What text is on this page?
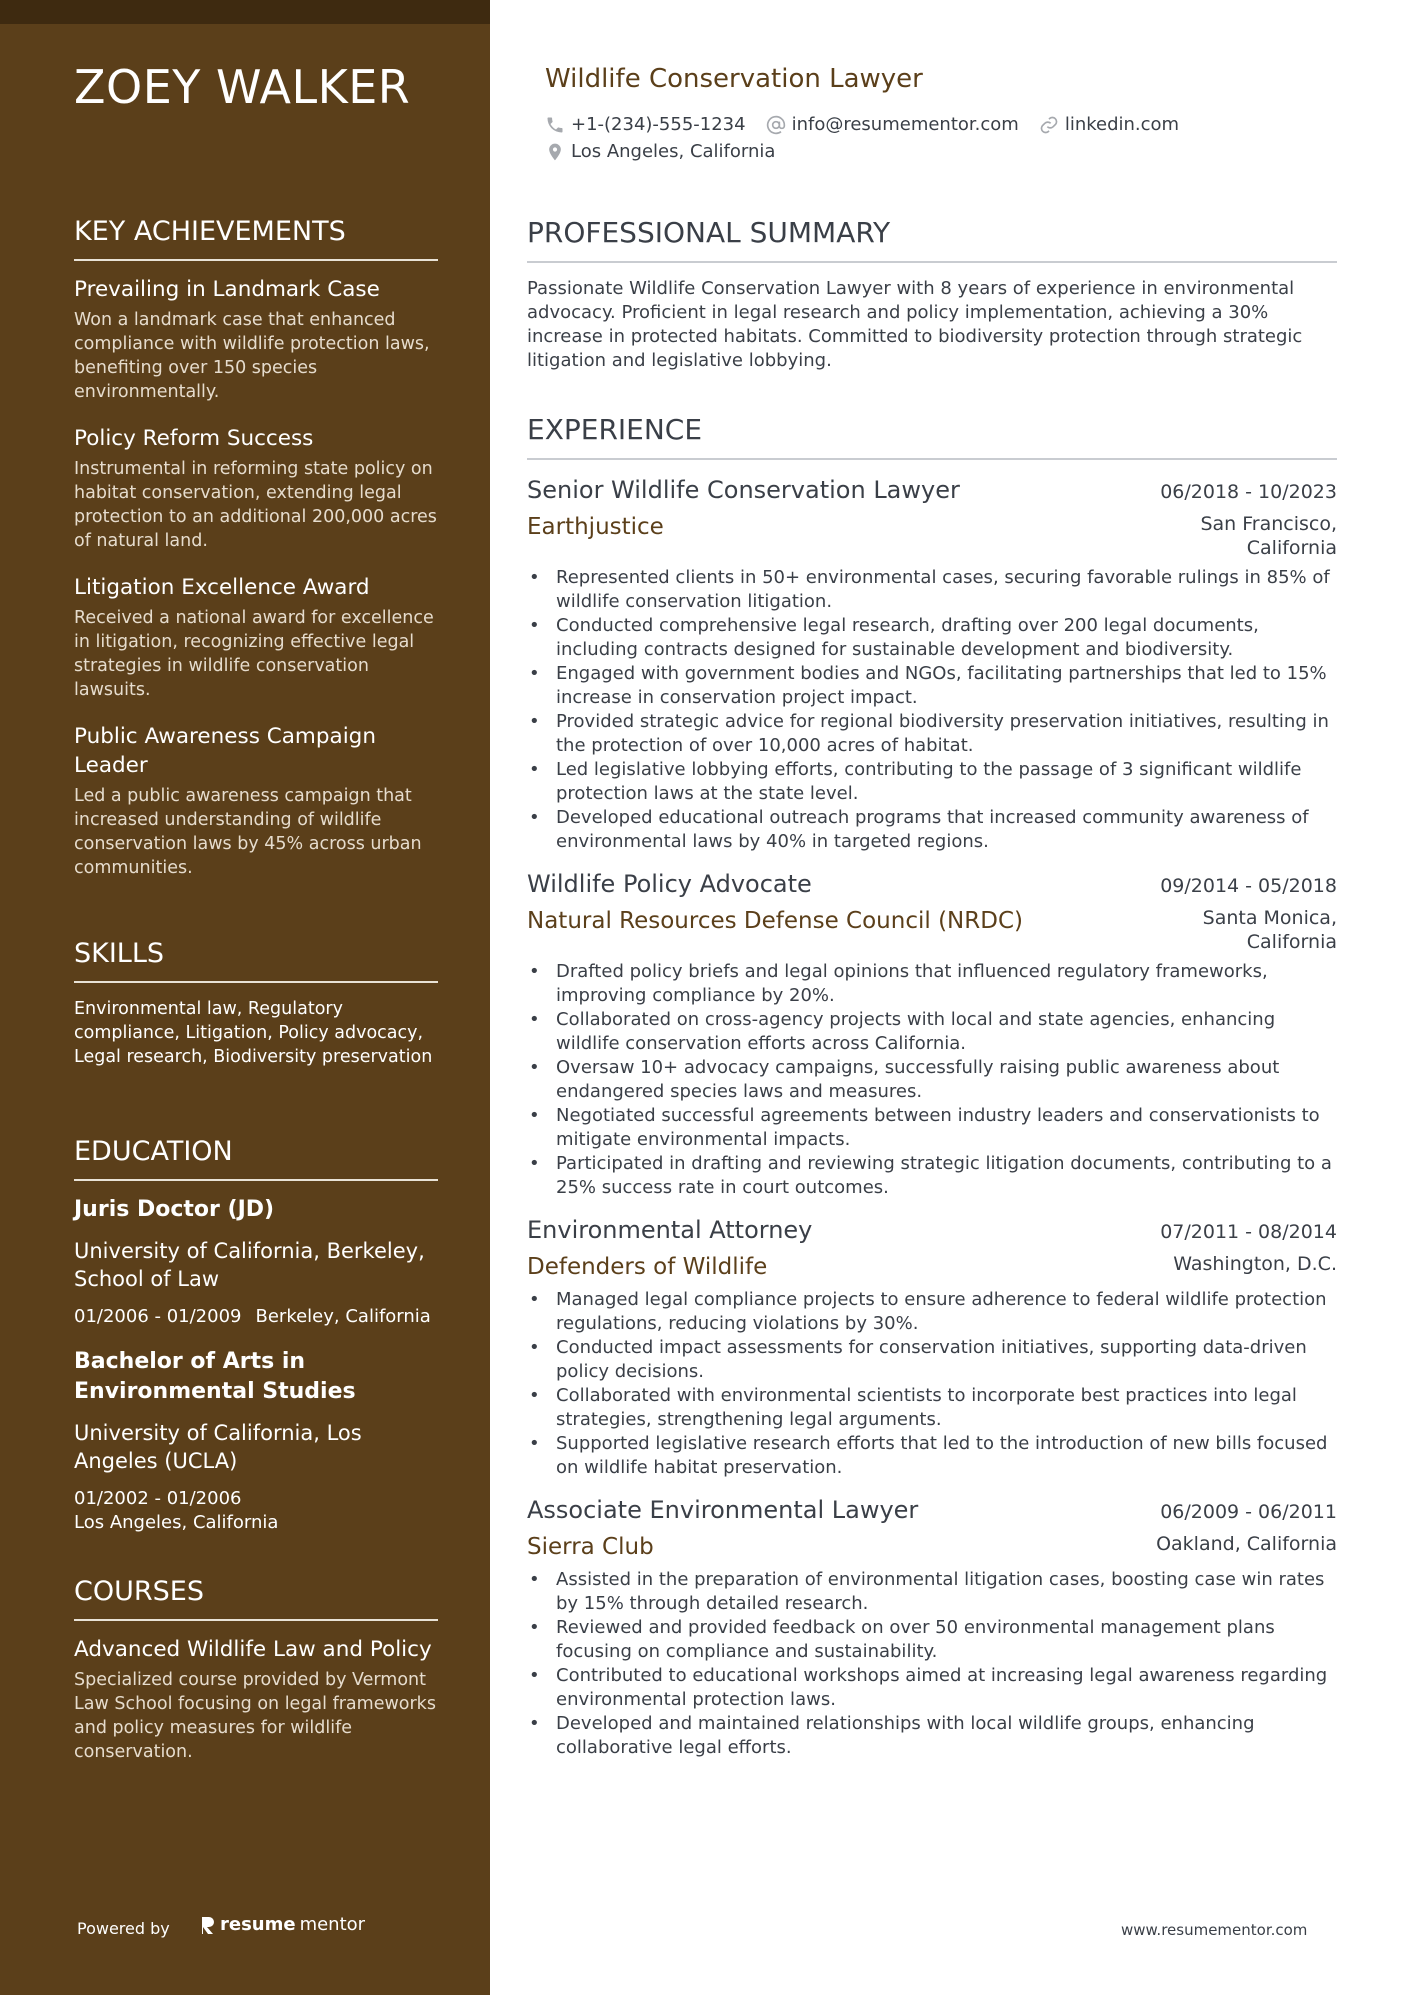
ZOEY WALKER
KEY ACHIEVEMENTS
Prevailing in Landmark Case
Won a landmark case that enhanced compliance with wildlife protection laws, benefiting over 150 species environmentally.
Policy Reform Success
Instrumental in reforming state policy on habitat conservation, extending legal protection to an additional 200,000 acres of natural land.
Litigation Excellence Award
Received a national award for excellence in litigation, recognizing effective legal strategies in wildlife conservation lawsuits.
Public Awareness Campaign Leader
Led a public awareness campaign that increased understanding of wildlife conservation laws by 45% across urban communities.
SKILLS
Environmental law, Regulatory compliance, Litigation, Policy advocacy, Legal research, Biodiversity preservation
EDUCATION
Juris Doctor (JD)
University of California, Berkeley, School of Law
01/2006 - 01/2009 Berkeley, California
Bachelor of Arts in Environmental Studies
University of California, Los Angeles (UCLA)
01/2002 - 01/2006
Los Angeles, California
COURSES
Advanced Wildlife Law and Policy
Specialized course provided by Vermont Law School focusing on legal frameworks and policy measures for wildlife conservation.
Powered by	resume mentor
Wildlife Conservation Lawyer
+1-(234)-555-1234	info@resumementor.com	linkedin.com
Los Angeles, California
PROFESSIONAL SUMMARY
Passionate Wildlife Conservation Lawyer with 8 years of experience in environmental advocacy. Proficient in legal research and policy implementation, achieving a 30% increase in protected habitats. Committed to biodiversity protection through strategic litigation and legislative lobbying.
EXPERIENCE
Senior Wildlife Conservation Lawyer	06/2018 - 10/2023
Earthjustice	San Francisco, California
• Represented clients in 50+ environmental cases, securing favorable rulings in 85% of wildlife conservation litigation.
• Conducted comprehensive legal research, drafting over 200 legal documents, including contracts designed for sustainable development and biodiversity.
• Engaged with government bodies and NGOs, facilitating partnerships that led to 15% increase in conservation project impact.
• Provided strategic advice for regional biodiversity preservation initiatives, resulting in the protection of over 10,000 acres of habitat.
• Led legislative lobbying efforts, contributing to the passage of 3 significant wildlife protection laws at the state level.
• Developed educational outreach programs that increased community awareness of environmental laws by 40% in targeted regions.
Wildlife Policy Advocate	09/2014 - 05/2018
Natural Resources Defense Council (NRDC)	Santa Monica, California
• Drafted policy briefs and legal opinions that influenced regulatory frameworks, improving compliance by 20%.
• Collaborated on cross-agency projects with local and state agencies, enhancing wildlife conservation efforts across California.
• Oversaw 10+ advocacy campaigns, successfully raising public awareness about endangered species laws and measures.
• Negotiated successful agreements between industry leaders and conservationists to mitigate environmental impacts.
• Participated in drafting and reviewing strategic litigation documents, contributing to a 25% success rate in court outcomes.
Environmental Attorney	07/2011 - 08/2014
Defenders of Wildlife	Washington, D.C.
• Managed legal compliance projects to ensure adherence to federal wildlife protection regulations, reducing violations by 30%.
• Conducted impact assessments for conservation initiatives, supporting data-driven policy decisions.
• Collaborated with environmental scientists to incorporate best practices into legal strategies, strengthening legal arguments.
• Supported legislative research efforts that led to the introduction of new bills focused on wildlife habitat preservation.
Associate Environmental Lawyer	06/2009 - 06/2011
Sierra Club	Oakland, California
• Assisted in the preparation of environmental litigation cases, boosting case win rates by 15% through detailed research.
• Reviewed and provided feedback on over 50 environmental management plans focusing on compliance and sustainability.
• Contributed to educational workshops aimed at increasing legal awareness regarding environmental protection laws.
• Developed and maintained relationships with local wildlife groups, enhancing collaborative legal efforts.
www.resumementor.com
